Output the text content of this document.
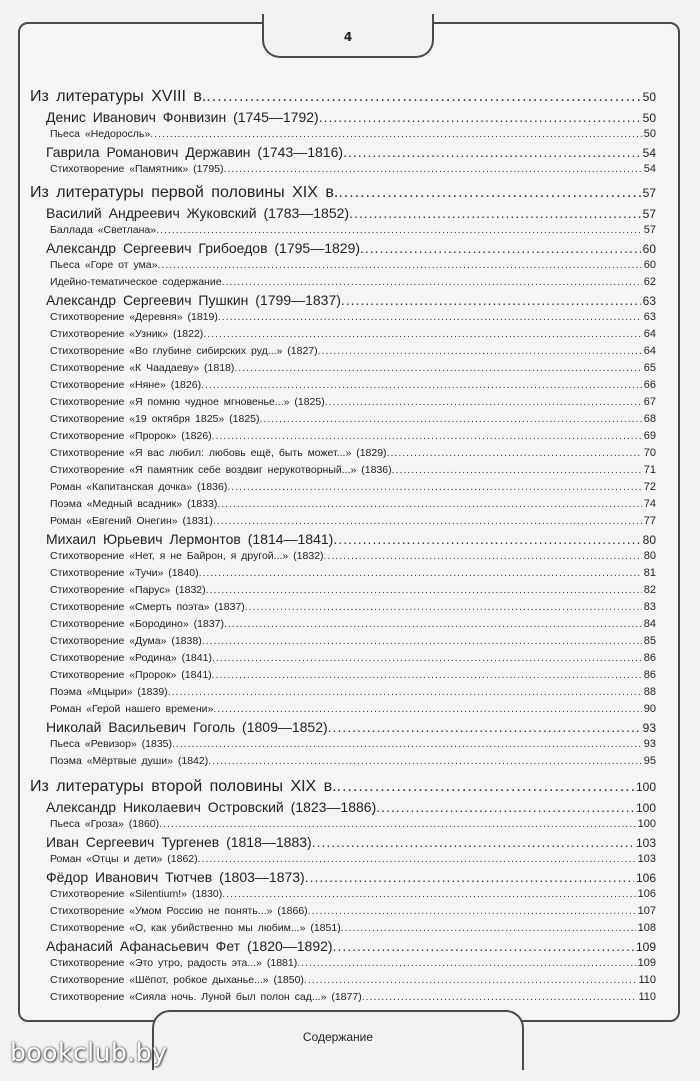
4
Из литературы XVIII в. .....	50
Денис Иванович Фонвизин (1745—1792) .....	50
Пьеса «Недоросль» .....	50
Гаврила Романович Державин (1743—1816) .....	54
Стихотворение «Памятник» (1795) .....	54
Из литературы первой половины XIX в. .....	57
Василий Андреевич Жуковский (1783—1852) .....	57
Баллада «Светлана» .....	57
Александр Сергеевич Грибоедов (1795—1829) .....	60
Пьеса «Горе от ума» .....	60
Идейно-тематическое содержание .....	62
Александр Сергеевич Пушкин (1799—1837) .....	63
Стихотворение «Деревня» (1819) .....	63
Стихотворение «Узник» (1822) .....	64
Стихотворение «Во глубине сибирских руд...» (1827) .....	64
Стихотворение «К Чаадаеву» (1818) .....	65
Стихотворение «Няне» (1826) .....	66
Стихотворение «Я помню чудное мгновенье...» (1825) .....	67
Стихотворение «19 октября 1825» (1825) .....	68
Стихотворение «Пророк» (1826) .....	69
Стихотворение «Я вас любил: любовь ещё, быть может...» (1829) .....	70
Стихотворение «Я памятник себе воздвиг нерукотворный...» (1836) .....	71
Роман «Капитанская дочка» (1836) .....	72
Поэма «Медный всадник» (1833) .....	74
Роман «Евгений Онегин» (1831) .....	77
Михаил Юрьевич Лермонтов (1814—1841) .....	80
Стихотворение «Нет, я не Байрон, я другой...» (1832) .....	80
Стихотворение «Тучи» (1840) .....	81
Стихотворение «Парус» (1832) .....	82
Стихотворение «Смерть поэта» (1837) .....	83
Стихотворение «Бородино» (1837) .....	84
Стихотворение «Дума» (1838) .....	85
Стихотворение «Родина» (1841) .....	86
Стихотворение «Пророк» (1841) .....	86
Поэма «Мцыри» (1839) .....	88
Роман «Герой нашего времени» .....	90
Николай Васильевич Гоголь (1809—1852) .....	93
Пьеса «Ревизор» (1835) .....	93
Поэма «Мёртвые души» (1842) .....	95
Из литературы второй половины XIX в. .....	100
Александр Николаевич Островский (1823—1886) .....	100
Пьеса «Гроза» (1860) .....	100
Иван Сергеевич Тургенев (1818—1883) .....	103
Роман «Отцы и дети» (1862) .....	103
Фёдор Иванович Тютчев (1803—1873) .....	106
Стихотворение «Silentium!» (1830) .....	106
Стихотворение «Умом Россию не понять...» (1866) .....	107
Стихотворение «О, как убийственно мы любим...» (1851) .....	108
Афанасий Афанасьевич Фет (1820—1892) .....	109
Стихотворение «Это утро, радость эта...» (1881) .....	109
Стихотворение «Шёпот, робкое дыханье...» (1850) .....	110
Стихотворение «Сияла ночь. Луной был полон сад...» (1877) .....	110
Содержание
bookclub.by
